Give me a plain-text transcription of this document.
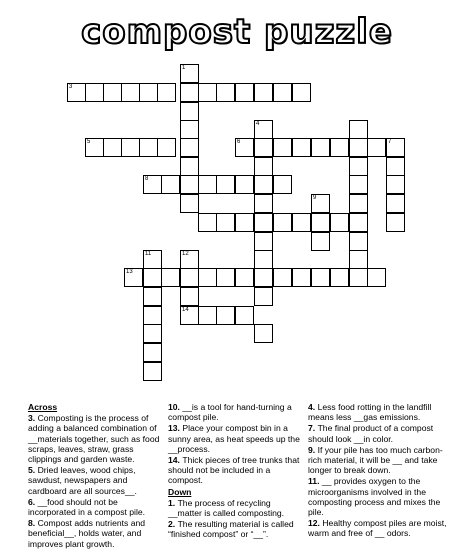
compost puzzle
1
3
5	6	7
4
8
9
11	12
14
13

Across

3. Composting is the process of adding a balanced combination of __materials together, such as food scraps, leaves, straw, grass clippings and garden waste.

5. Dried leaves, wood chips, sawdust, newspapers and cardboard are all sources__.

6. __food should not be incorporated in a compost pile.

8. Compost adds nutrients and beneficial__, holds water, and improves plant growth.

10. __is a tool for hand-turning a compost pile.

13. Place your compost bin in a sunny area, as heat speeds up the __process.

14. Thick pieces of tree trunks that should not be included in a compost.

Down

1. The process of recycling __matter is called composting.

2. The resulting material is called “finished compost” or “__”.

4. Less food rotting in the landfill means less __gas emissions.

7. The final product of a compost should look __in color.

9. If your pile has too much carbon-rich material, it will be __ and take longer to break down.

11. __ provides oxygen to the microorganisms involved in the composting process and mixes the pile.

12. Healthy compost piles are moist, warm and free of __ odors.
